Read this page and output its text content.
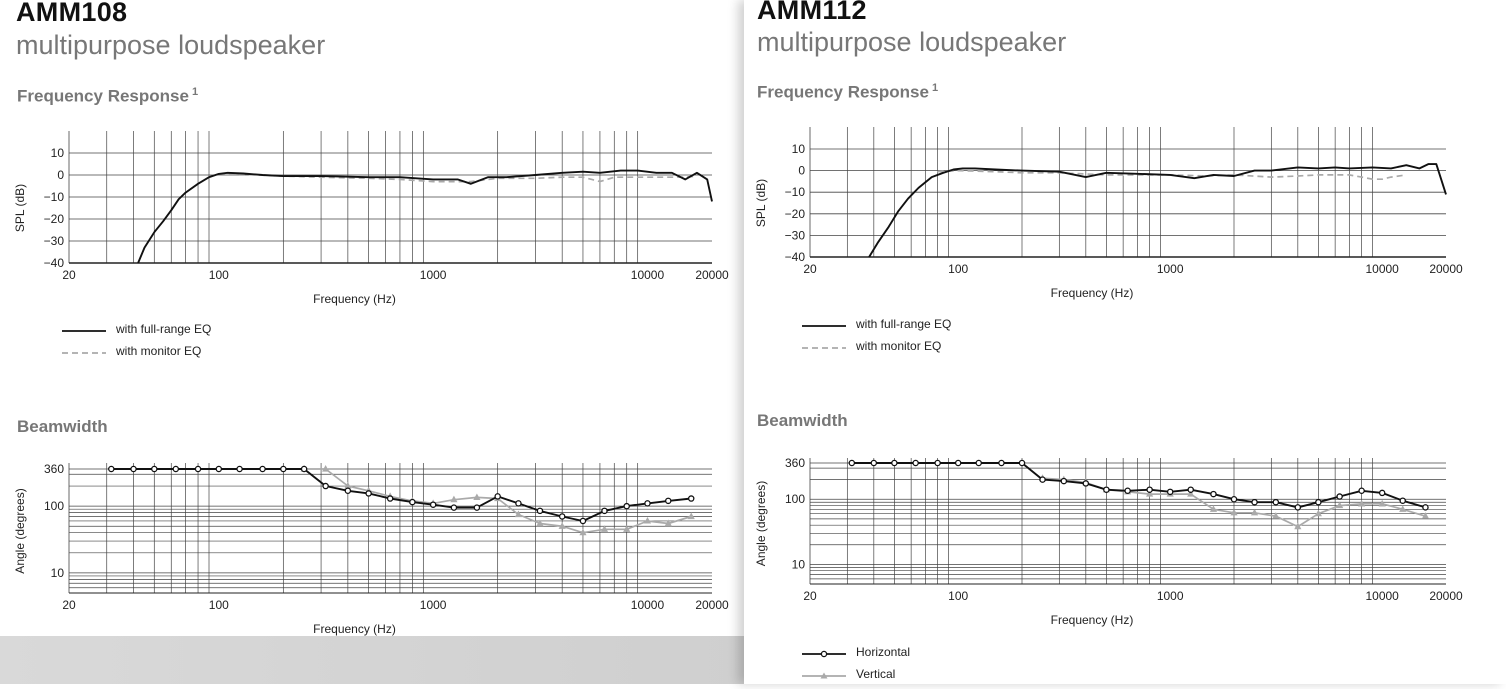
AMM108
multipurpose loudspeaker
Frequency Response $^1$
20	100	1000	10000	20000
10
0
−10
−20
−30
−40
Frequency (Hz)
SPL (dB)
with full-range EQ
with monitor EQ
Beamwidth
20	100	1000	10000	20000
360
100
10
Frequency (Hz)
Angle (degrees)
AMM112
multipurpose loudspeaker
Frequency Response $^1$
20	100	1000	10000	20000
10
0
−10
−20
−30
−40
Frequency (Hz)
SPL (dB)
with full-range EQ
with monitor EQ
Beamwidth
20	100	1000	10000	20000
360
100
10
Frequency (Hz)
Angle (degrees)
Horizontal
Vertical
